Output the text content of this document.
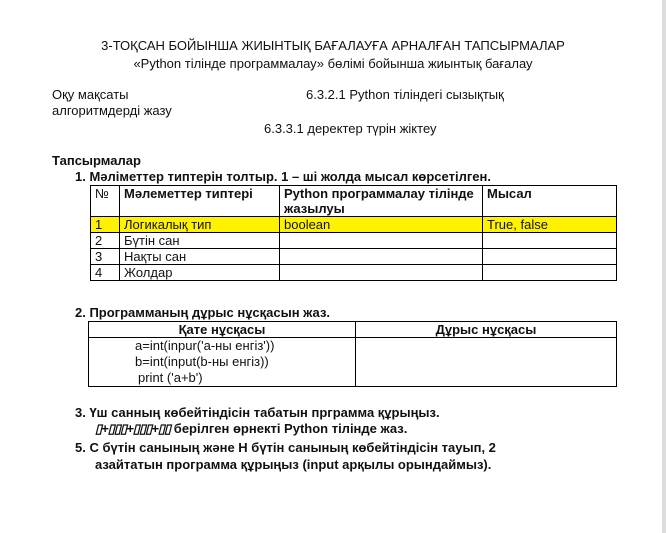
3-ТОҚСАН БОЙЫНША ЖИЫНТЫҚ БАҒАЛАУҒА АРНАЛҒАН ТАПСЫРМАЛАР
«Python тілінде программалау» бөлімі бойынша жиынтық бағалау
Оқу мақсаты
алгоритмдерді жазу
6.3.2.1 Python тіліндегі сызықтық
6.3.3.1 деректер түрін жіктеу
Тапсырмалар
1. Мәліметтер типтерін толтыр. 1 – ші жолда мысал көрсетілген.
№	Мәлеметтер типтері	Python программалау тілінде жазылуы	Мысал
1	Логикалық тип	boolean	True, false
2	Бүтін сан		
3	Нақты сан		
4	Жолдар		
2. Программаның дұрыс нұсқасын жаз.
Қате нұсқасы	Дұрыс нұсқасы

a=int(inpur('a-ны енгіз'))
b=int(input(b-ны енгіз))
print ('a+b')	

3. Үш санның көбейтіндісін табатын прграмма құрыңыз.
▯+▯▯▯+▯▯▯+▯▯ берілген өрнекті Python тілінде жаз.
5. С бүтін санының және Н бүтін санының көбейтіндісін тауып, 2
азайтатын программа құрыңыз (input арқылы орындаймыз).
